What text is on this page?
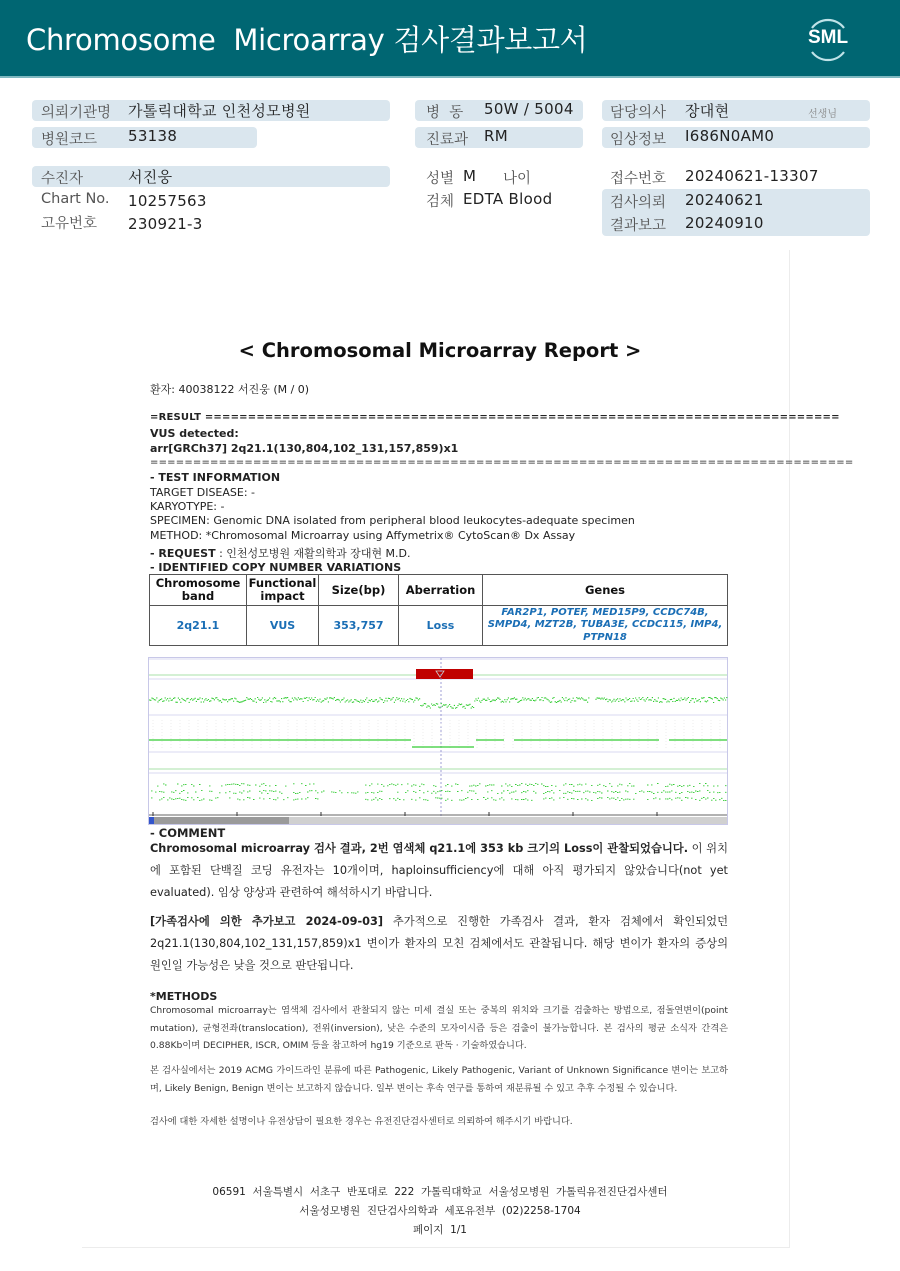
Chromosome  Microarray 검사결과보고서	SML
의뢰기관명 가톨릭대학교 인천성모병원
병원코드 53138
수진자	서진웅
Chart No. 10257563
고유번호 230921-3
병  동 50W / 5004
진료과 RM
성별 M 나이
검체 EDTA Blood
담당의사 장대현	선생님
임상정보 I686N0AM0
접수번호 20240621-13307
검사의뢰 20240621
결과보고 20240910
< Chromosomal Microarray Report >
환자: 40038122 서진웅 (M / 0)
=RESULT ==========================================================================
VUS detected:
arr[GRCh37] 2q21.1(130,804,102_131,157,859)x1
==================================================================================
- TEST INFORMATION
TARGET DISEASE: -
KARYOTYPE: -
SPECIMEN: Genomic DNA isolated from peripheral blood leukocytes-adequate specimen
METHOD: *Chromosomal Microarray using Affymetrix® CytoScan® Dx Assay
- REQUEST : 인천성모병원 재활의학과 장대현 M.D.
- IDENTIFIED COPY NUMBER VARIATIONS
Chromosome band	Functional impact	Size(bp)	Aberration	Genes
2q21.1	VUS	353,757	Loss	FAR2P1, POTEF, MED15P9, CCDC74B, SMPD4, MZT2B, TUBA3E, CCDC115, IMP4, PTPN18
- COMMENT
Chromosomal microarray 검사 결과, 2번 염색체 q21.1에 353 kb 크기의 Loss이 관찰되었습니다. 이 위치에 포함된 단백질 코딩 유전자는 10개이며, haploinsufficiency에 대해 아직 평가되지 않았습니다(not yet evaluated). 임상 양상과 관련하여 해석하시기 바랍니다.
[가족검사에 의한 추가보고 2024-09-03] 추가적으로 진행한 가족검사 결과, 환자 검체에서 확인되었던 2q21.1(130,804,102_131,157,859)x1 변이가 환자의 모친 검체에서도 관찰됩니다. 해당 변이가 환자의 증상의 원인일 가능성은 낮을 것으로 판단됩니다.
*METHODS
Chromosomal microarray는 염색체 검사에서 관찰되지 않는 미세 결실 또는 중복의 위치와 크기를 검출하는 방법으로, 점돌연변이(point mutation), 균형전좌(translocation), 전위(inversion), 낮은 수준의 모자이시즘 등은 검출이 불가능합니다. 본 검사의 평균 소식자 간격은 0.88Kb이며 DECIPHER, ISCR, OMIM 등을 참고하여 hg19 기준으로 판독 · 기술하였습니다.
본 검사실에서는 2019 ACMG 가이드라인 분류에 따른 Pathogenic, Likely Pathogenic, Variant of Unknown Significance 변이는 보고하며, Likely Benign, Benign 변이는 보고하지 않습니다. 일부 변이는 후속 연구를 통하여 재분류될 수 있고 추후 수정될 수 있습니다.
검사에 대한 자세한 설명이나 유전상담이 필요한 경우는 유전진단검사센터로 의뢰하여 해주시기 바랍니다.
06591  서울특별시  서초구  반포대로  222  가톨릭대학교  서울성모병원  가톨릭유전진단검사센터
서울성모병원  진단검사의학과  세포유전부  (02)2258-1704
페이지  1/1
